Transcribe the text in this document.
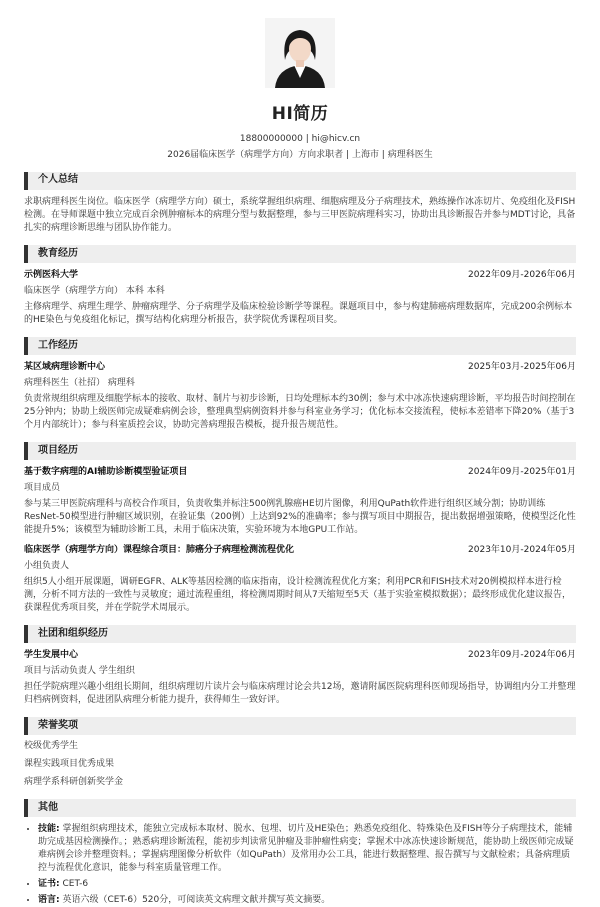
HI简历
18800000000 | hi@hicv.cn
2026届临床医学（病理学方向）方向求职者 | 上海市 | 病理科医生
个人总结
求职病理科医生岗位。临床医学（病理学方向）硕士，系统掌握组织病理、细胞病理及分子病理技术，熟练操作冰冻切片、免疫组化及FISH检测。在导师课题中独立完成百余例肿瘤标本的病理分型与数据整理，参与三甲医院病理科实习，协助出具诊断报告并参与MDT讨论，具备扎实的病理诊断思维与团队协作能力。
教育经历
示例医科大学	2022年09月-2026年06月
临床医学（病理学方向） 本科 本科
主修病理学、病理生理学、肿瘤病理学、分子病理学及临床检验诊断学等课程。课题项目中，参与构建肺癌病理数据库，完成200余例标本的HE染色与免疫组化标记，撰写结构化病理分析报告，获学院优秀课程项目奖。
工作经历
某区域病理诊断中心	2025年03月-2025年06月
病理科医生（社招） 病理科
负责常规组织病理及细胞学标本的接收、取材、制片与初步诊断，日均处理标本约30例；参与术中冰冻快速病理诊断，平均报告时间控制在25分钟内；协助上级医师完成疑难病例会诊，整理典型病例资料并参与科室业务学习；优化标本交接流程，使标本差错率下降20%（基于3个月内部统计）；参与科室质控会议，协助完善病理报告模板，提升报告规范性。
项目经历
基于数字病理的AI辅助诊断模型验证项目	2024年09月-2025年01月
项目成员
参与某三甲医院病理科与高校合作项目，负责收集并标注500例乳腺癌HE切片图像，利用QuPath软件进行组织区域分割；协助训练ResNet-50模型进行肿瘤区域识别，在验证集（200例）上达到92%的准确率；参与撰写项目中期报告，提出数据增强策略，使模型泛化性能提升5%；该模型为辅助诊断工具，未用于临床决策，实验环境为本地GPU工作站。
临床医学（病理学方向）课程综合项目：肺癌分子病理检测流程优化	2023年10月-2024年05月
小组负责人
组织5人小组开展课题，调研EGFR、ALK等基因检测的临床指南，设计检测流程优化方案；利用PCR和FISH技术对20例模拟样本进行检测，分析不同方法的一致性与灵敏度；通过流程重组，将检测周期时间从7天缩短至5天（基于实验室模拟数据）；最终形成优化建议报告，获课程优秀项目奖，并在学院学术周展示。
社团和组织经历
学生发展中心	2023年09月-2024年06月
项目与活动负责人 学生组织
担任学院病理兴趣小组组长期间，组织病理切片读片会与临床病理讨论会共12场，邀请附属医院病理科医师现场指导，协调组内分工并整理归档病例资料，促进团队病理分析能力提升，获得师生一致好评。
荣誉奖项
校级优秀学生
课程实践项目优秀成果
病理学系科研创新奖学金
其他
• 技能: 掌握组织病理技术，能独立完成标本取材、脱水、包埋、切片及HE染色；熟悉免疫组化、特殊染色及FISH等分子病理技术，能辅助完成基因检测操作。；熟悉病理诊断流程，能初步判读常见肿瘤及非肿瘤性病变；掌握术中冰冻快速诊断规范，能协助上级医师完成疑难病例会诊并整理资料。；掌握病理图像分析软件（如QuPath）及常用办公工具，能进行数据整理、报告撰写与文献检索；具备病理质控与流程优化意识，能参与科室质量管理工作。
• 证书: CET-6
• 语言: 英语六级（CET-6）520分，可阅读英文病理文献并撰写英文摘要。
